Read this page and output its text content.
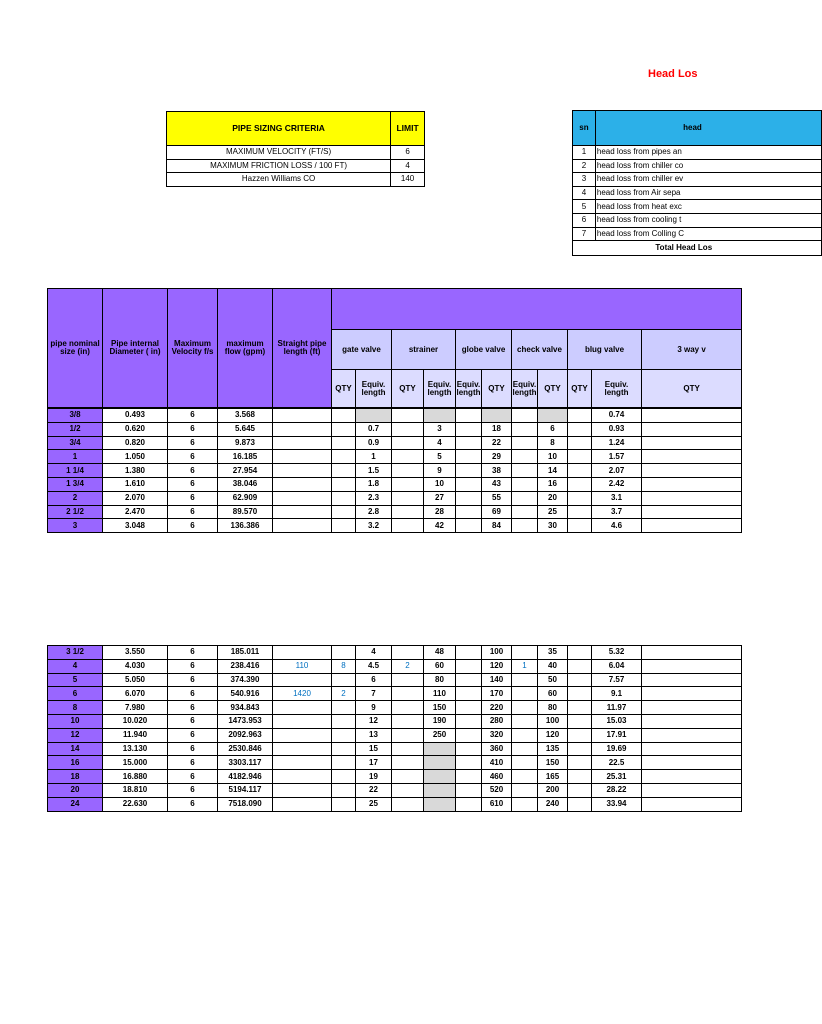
Head Los
PIPE SIZING CRITERIA	LIMIT
MAXIMUM VELOCITY (FT/S)	6
MAXIMUM FRICTION LOSS / 100 FT)	4
Hazzen Williams CO	140
sn	head
1	head loss from pipes an
2	head loss from chiller co
3	head loss from chiller ev
4	head loss from Air sepa
5	head loss from heat exc
6	head loss from cooling t
7	head loss from Colling C
	Total Head Los
pipe nominal size (in)	Pipe internal Diameter ( in)	Maximum Velocity f/s	maximum flow (gpm)	Straight pipe length (ft)											
					gate valve		strainer		globe valve		check valve		blug valve		3 way v
					QTY	Equiv. length	QTY	Equiv. length	Equiv. length	QTY	Equiv. length	QTY	QTY	Equiv. length	QTY
3/8	0.493	6	3.568											0.74	
1/2	0.620	6	5.645			0.7		3		18		6		0.93	
3/4	0.820	6	9.873			0.9		4		22		8		1.24	
1	1.050	6	16.185			1		5		29		10		1.57	
1 1/4	1.380	6	27.954			1.5		9		38		14		2.07	
1 3/4	1.610	6	38.046			1.8		10		43		16		2.42	
2	2.070	6	62.909			2.3		27		55		20		3.1	
2 1/2	2.470	6	89.570			2.8		28		69		25		3.7	
3	3.048	6	136.386			3.2		42		84		30		4.6	
3 1/2	3.550	6	185.011			4		48		100		35		5.32	
4	4.030	6	238.416	110	8	4.5	2	60		120	1	40		6.04	
5	5.050	6	374.390			6		80		140		50		7.57	
6	6.070	6	540.916	1420	2	7		110		170		60		9.1	
8	7.980	6	934.843			9		150		220		80		11.97	
10	10.020	6	1473.953			12		190		280		100		15.03	
12	11.940	6	2092.963			13		250		320		120		17.91	
14	13.130	6	2530.846			15				360		135		19.69	
16	15.000	6	3303.117			17				410		150		22.5	
18	16.880	6	4182.946			19				460		165		25.31	
20	18.810	6	5194.117			22				520		200		28.22	
24	22.630	6	7518.090			25				610		240		33.94	
